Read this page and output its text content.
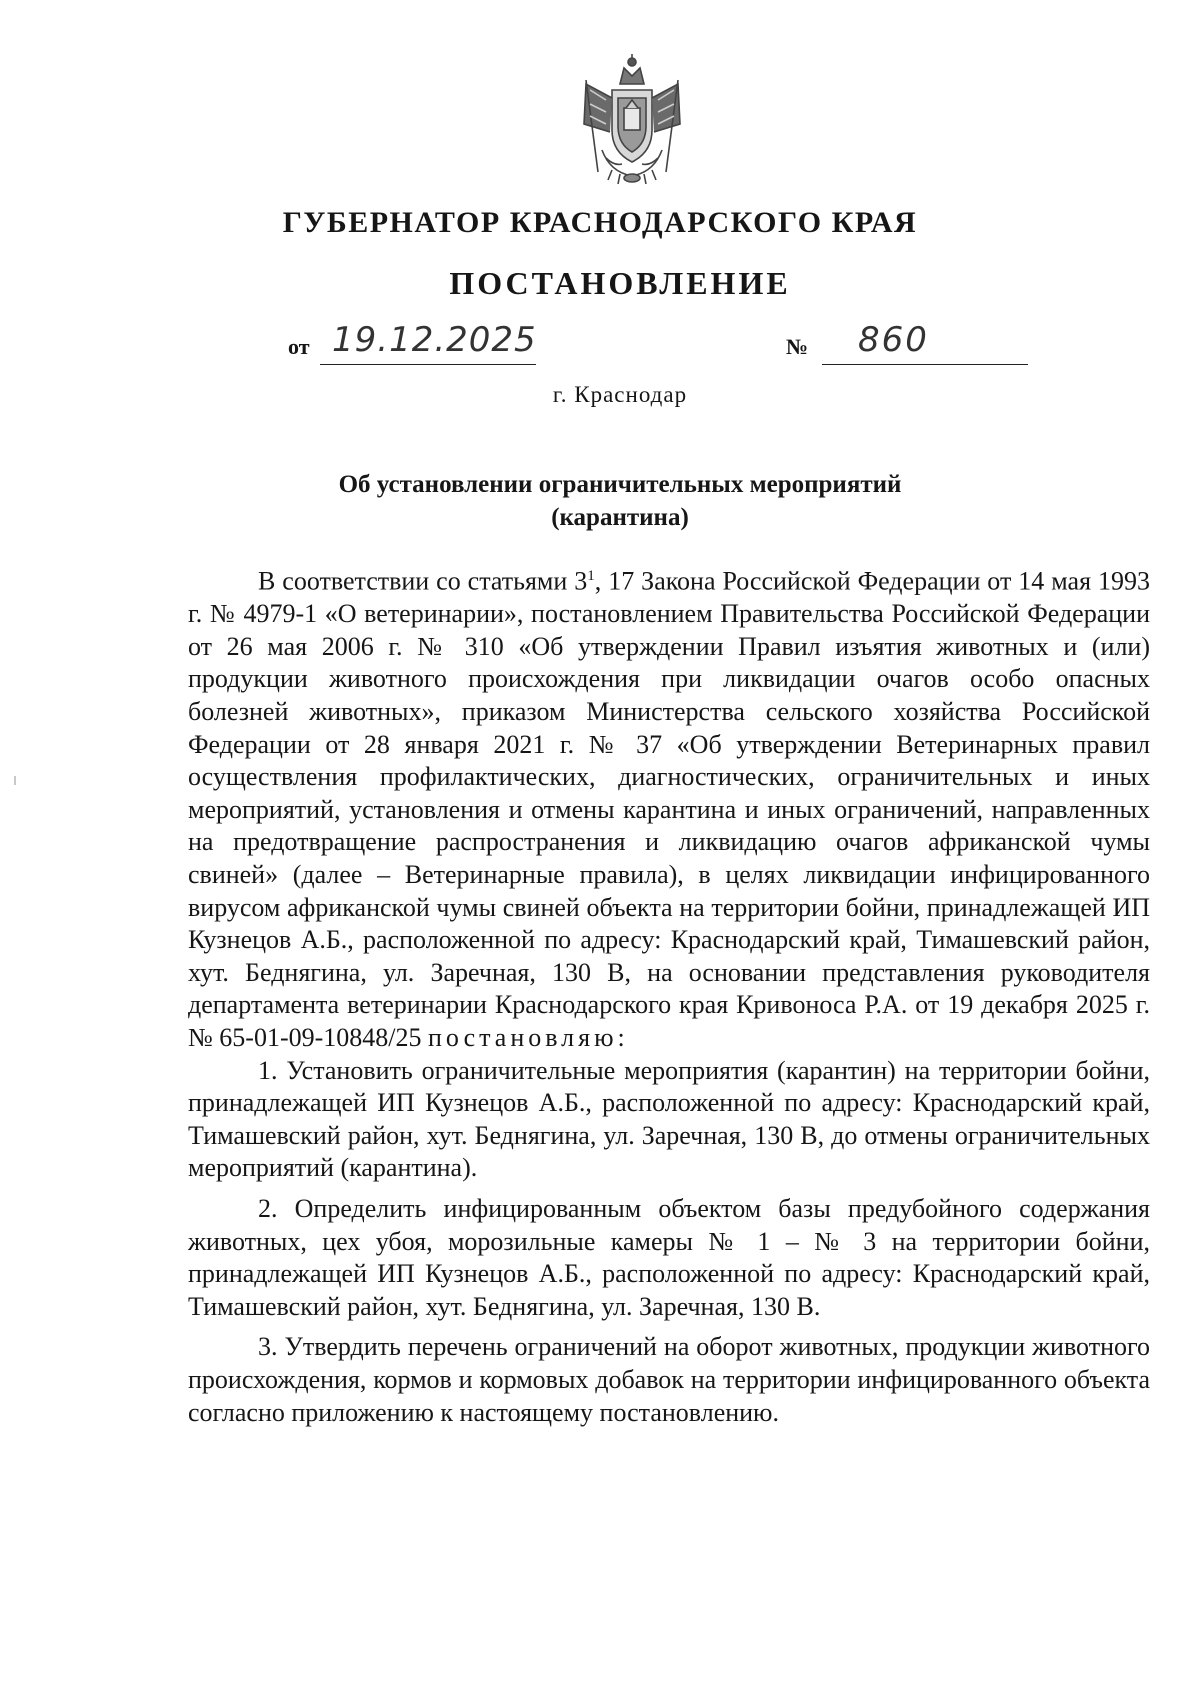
ГУБЕРНАТОР КРАСНОДАРСКОГО КРАЯ
ПОСТАНОВЛЕНИЕ
от 19.12.2025	№ 860
г. Краснодар
Об установлении ограничительных мероприятий
(карантина)

В соответствии со статьями $3^1$, 17 Закона Российской Федерации от 14 мая 1993 г. № 4979-1 «О ветеринарии», постановлением Правительства Российской Федерации от 26 мая 2006 г. № 310 «Об утверждении Правил изъятия животных и (или) продукции животного происхождения при ликвидации очагов особо опасных болезней животных», приказом Министерства сельского хозяйства Российской Федерации от 28 января 2021 г. № 37 «Об утверждении Ветеринарных правил осуществления профилактических, диагностических, ограничительных и иных мероприятий, установления и отмены карантина и иных ограничений, направленных на предотвращение распространения и ликвидацию очагов африканской чумы свиней» (далее – Ветеринарные правила), в целях ликвидации инфицированного вирусом африканской чумы свиней объекта на территории бойни, принадлежащей ИП Кузнецов А.Б., расположенной по адресу: Краснодарский край, Тимашевский район, хут. Беднягина, ул. Заречная, 130 В, на основании представления руководителя департамента ветеринарии Краснодарского края Кривоноса Р.А. от 19 декабря 2025 г. № 65-01-09-10848/25 постановляю:

1. Установить ограничительные мероприятия (карантин) на территории бойни, принадлежащей ИП Кузнецов А.Б., расположенной по адресу: Краснодарский край, Тимашевский район, хут. Беднягина, ул. Заречная, 130 В, до отмены ограничительных мероприятий (карантина).

2. Определить инфицированным объектом базы предубойного содержания животных, цех убоя, морозильные камеры № 1 – № 3 на территории бойни, принадлежащей ИП Кузнецов А.Б., расположенной по адресу: Краснодарский край, Тимашевский район, хут. Беднягина, ул. Заречная, 130 В.

3. Утвердить перечень ограничений на оборот животных, продукции животного происхождения, кормов и кормовых добавок на территории инфицированного объекта согласно приложению к настоящему постановлению.
